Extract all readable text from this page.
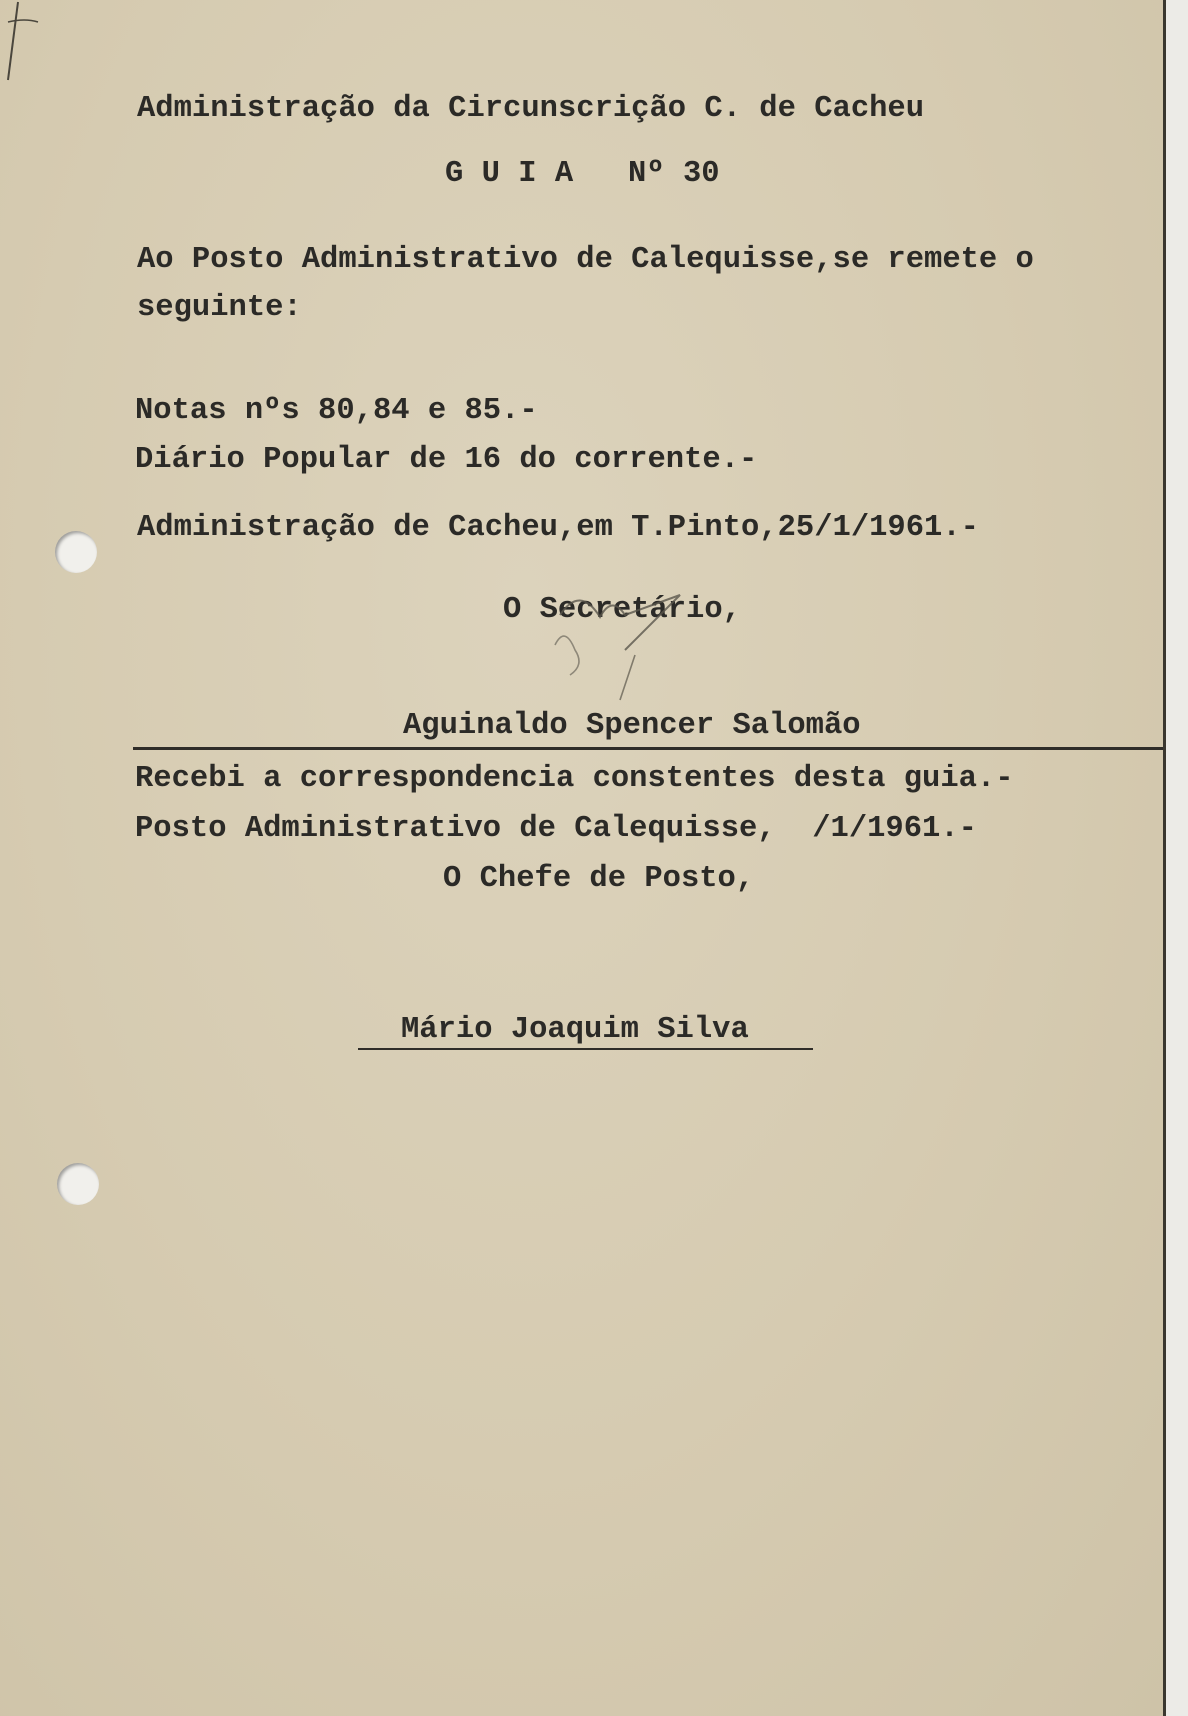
Administração da Circunscrição C. de Cacheu

G U I A   Nº 30

Ao Posto Administrativo de Calequisse,se remete o

seguinte:

Notas nºs 80,84 e 85.-

Diário Popular de 16 do corrente.-

Administração de Cacheu,em T.Pinto,25/1/1961.-

O Secretário,

Aguinaldo Spencer Salomão

Recebi a correspondencia constentes desta guia.-

Posto Administrativo de Calequisse,  /1/1961.-

O Chefe de Posto,

Mário Joaquim Silva
